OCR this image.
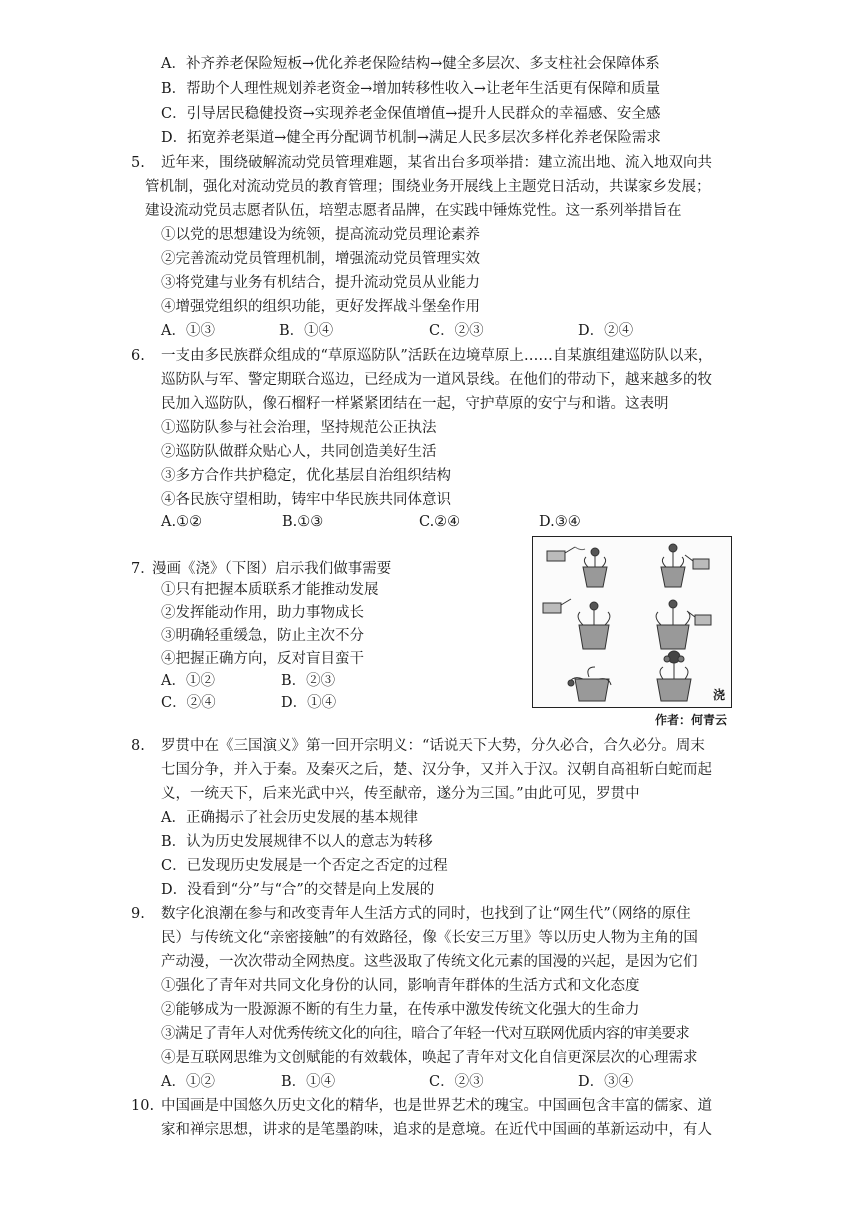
A．补齐养老保险短板→优化养老保险结构→健全多层次、多支柱社会保障体系
B．帮助个人理性规划养老资金→增加转移性收入→让老年生活更有保障和质量
C．引导居民稳健投资→实现养老金保值增值→提升人民群众的幸福感、安全感
D．拓宽养老渠道→健全再分配调节机制→满足人民多层次多样化养老保险需求
5. 近年来，围绕破解流动党员管理难题，某省出台多项举措：建立流出地、流入地双向共
管机制，强化对流动党员的教育管理；围绕业务开展线上主题党日活动，共谋家乡发展；
建设流动党员志愿者队伍，培塑志愿者品牌，在实践中锤炼党性。这一系列举措旨在
①以党的思想建设为统领，提高流动党员理论素养
②完善流动党员管理机制，增强流动党员管理实效
③将党建与业务有机结合，提升流动党员从业能力
④增强党组织的组织功能，更好发挥战斗堡垒作用
A．①③	B．①④	C．②③	D．②④
6. 一支由多民族群众组成的“草原巡防队”活跃在边境草原上……自某旗组建巡防队以来，
巡防队与军、警定期联合巡边，已经成为一道风景线。在他们的带动下，越来越多的牧
民加入巡防队，像石榴籽一样紧紧团结在一起，守护草原的安宁与和谐。这表明
①巡防队参与社会治理，坚持规范公正执法
②巡防队做群众贴心人，共同创造美好生活
③多方合作共护稳定，优化基层自治组织结构
④各民族守望相助，铸牢中华民族共同体意识
A.①②	B.①③	C.②④	D.③④
7．
漫画《浇》（下图）启示我们做事需要
①只有把握本质联系才能推动发展
②发挥能动作用，助力事物成长
③明确轻重缓急，防止主次不分
④把握正确方向，反对盲目蛮干
A．①②	B．②③
C．②④	D．①④	浇
作者：何青云
8. 罗贯中在《三国演义》第一回开宗明义：“话说天下大势，分久必合，合久必分。周末
七国分争，并入于秦。及秦灭之后，楚、汉分争，又并入于汉。汉朝自高祖斩白蛇而起
义，一统天下，后来光武中兴，传至献帝，遂分为三国。”由此可见，罗贯中
A．正确揭示了社会历史发展的基本规律
B．认为历史发展规律不以人的意志为转移
C．已发现历史发展是一个否定之否定的过程
D．没看到“分”与“合”的交替是向上发展的
9. 数字化浪潮在参与和改变青年人生活方式的同时，也找到了让“网生代”（网络的原住
民）与传统文化“亲密接触”的有效路径，像《长安三万里》等以历史人物为主角的国
产动漫，一次次带动全网热度。这些汲取了传统文化元素的国漫的兴起，是因为它们
①强化了青年对共同文化身份的认同，影响青年群体的生活方式和文化态度
②能够成为一股源源不断的有生力量，在传承中激发传统文化强大的生命力
③满足了青年人对优秀传统文化的向往，暗合了年轻一代对互联网优质内容的审美要求
④是互联网思维为文创赋能的有效载体，唤起了青年对文化自信更深层次的心理需求
A．①②	B．①④	C．②③	D．③④
10. 中国画是中国悠久历史文化的精华，也是世界艺术的瑰宝。中国画包含丰富的儒家、道
家和禅宗思想，讲求的是笔墨韵味，追求的是意境。在近代中国画的革新运动中，有人
